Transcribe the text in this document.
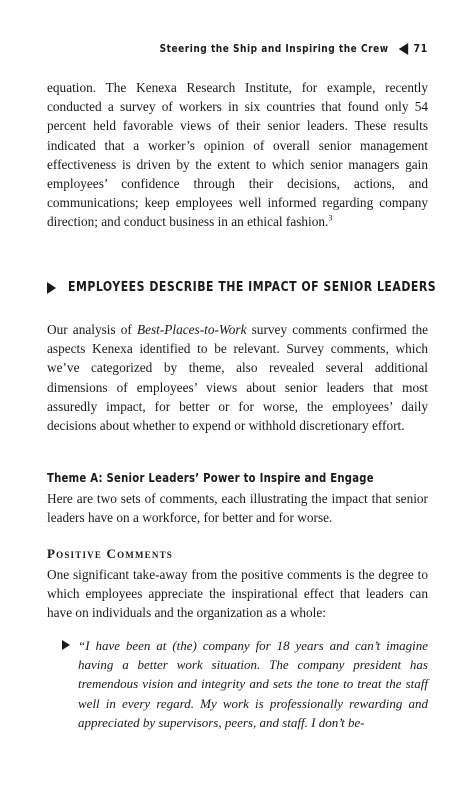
Steering the Ship and Inspiring the Crew 71

equation. The Kenexa Research Institute, for example, recently conducted a survey of workers in six countries that found only 54 percent held favorable views of their senior leaders. These results indicated that a worker’s opinion of overall senior management effectiveness is driven by the extent to which senior managers gain employees’ confidence through their decisions, actions, and communications; keep employees well informed regarding company direction; and conduct business in an ethical fashion.$^3$

EMPLOYEES DESCRIBE THE IMPACT OF SENIOR LEADERS

Our analysis of Best-Places-to-Work survey comments confirmed the aspects Kenexa identified to be relevant. Survey comments, which we’ve categorized by theme, also revealed several additional dimensions of employees’ views about senior leaders that most assuredly impact, for better or for worse, the employees’ daily decisions about whether to expend or withhold discretionary effort.

Theme A: Senior Leaders’ Power to Inspire and Engage

Here are two sets of comments, each illustrating the impact that senior leaders have on a workforce, for better and for worse.

Positive Comments

One significant take-away from the positive comments is the degree to which employees appreciate the inspirational effect that leaders can have on individuals and the organization as a whole:

“I have been at (the) company for 18 years and can’t imagine having a better work situation. The company president has tremendous vision and integrity and sets the tone to treat the staff well in every regard. My work is professionally rewarding and appreciated by supervisors, peers, and staff. I don’t be-
